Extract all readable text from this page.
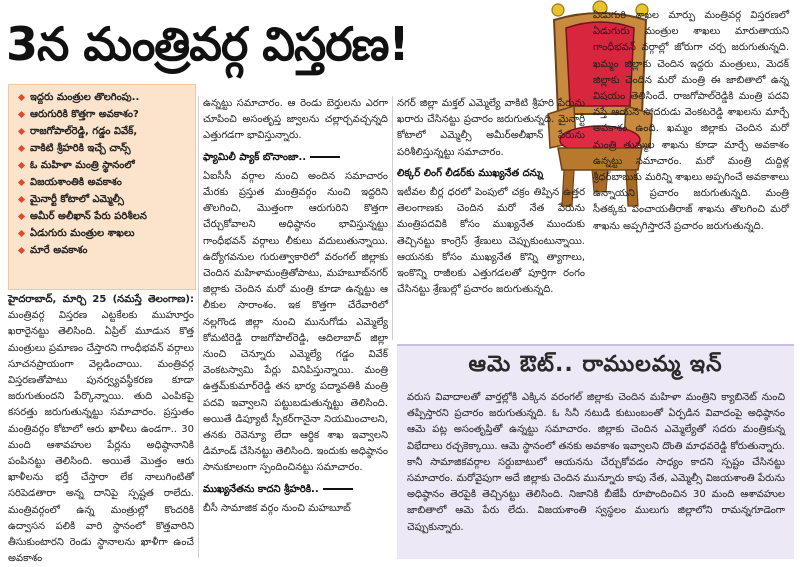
3న మంత్రివర్గ విస్తరణ!
ఇద్దరు మంత్రుల తొలగింపు..
ఆరుగురికి కొత్తగా అవకాశం?
రాజగోపాల్‌రెడ్డి, గడ్డం వివేక్,
వాకిటి శ్రీహరికి ఇచ్చే చాన్స్
ఓ మహిళా మంత్రి స్థానంలో
విజయశాంతికి అవకాశం
మైనార్టీ కోటాలో ఎమ్మెల్సీ
అమీర్ అలీఖాన్ పేరు పరిశీలన
ఏడుగురు మంత్రుల శాఖలు
మారే అవకాశం

హైదరాబాద్, మార్చి 25 (నమస్తే తెలంగాణ): మంత్రివర్గ విస్తరణ ఎట్టకేలకు ముహూర్తం ఖరారైనట్టు తెలిసింది. ఏప్రిల్ మూడున కొత్త మంత్రులు ప్రమాణం చేస్తారని గాంధీభవన్ వర్గాలు సూచనప్రాయంగా వెల్లడించాయి. మంత్రివర్గ విస్తరణతోపాటు పునర్వ్యవస్థీకరణ కూడా జరుగుతుందని పేర్కొన్నాయి. తుది ఎంపికపై కసరత్తు జరుగుతున్నట్టు సమాచారం. ప్రస్తుతం మంత్రివర్గం కోటాలో ఆరు ఖాళీలు ఉండగా.. 30 మంది ఆశావహుల పేర్లను అధిష్ఠానానికి పంపినట్టు తెలిసింది. అయితే మొత్తం ఆరు ఖాళీలను భర్తీ చేస్తారా లేక నాలుగింటితో సరిపెడతారా అన్న దానిపై స్పష్టత రాలేదు. మంత్రివర్గంలో ఉన్న మంత్రుల్లో కొందరికి ఉద్వాసన పలికి వారి స్థానంలో కొత్తవారిని తీసుకుంటారని రెండు స్థానాలను ఖాళీగా ఉంచే అవకాశం

ఉన్నట్టు సమాచారం. ఆ రెండు బెర్తులను ఎరగా చూపించి అసంతృప్త జ్వాలను చల్లార్చవచ్చన్నది ఎత్తుగడగా భావిస్తున్నారు.

ఫ్యామిలీ ప్యాక్ బొనాంజా..

ఏఐసీసీ వర్గాల నుంచి అందిన సమాచారం మేరకు ప్రస్తుత మంత్రివర్గం నుంచి ఇద్దరిని తొలగించి, మొత్తంగా ఆరుగురిని కొత్తగా చేర్చుకోవాలని అధిష్ఠానం భావిస్తున్నట్టు గాంధీభవన్ వర్గాలు లీకులు వదులుతున్నాయి. ఉద్యోగవనుల గురుత్వాకారిలో వరంగల్ జిల్లాకు చెందిన మహిళామంత్రితోపాటు, మహబూబ్‌నగర్ జిల్లాకు చెందిన మరో మంత్రి కూడా ఉన్నట్టు ఆ లీకుల సారాంశం. ఇక కొత్తగా చేరేవారిలో నల్లగొండ జిల్లా నుంచి మునుగోడు ఎమ్మెల్యే కోమటిరెడ్డి రాజగోపాల్‌రెడ్డి, ఆదిలాబాద్ జిల్లా నుంచి చెన్నూరు ఎమ్మెల్యే గడ్డం వివేక్ వెంకటస్వామి పేర్లు వినిపిస్తున్నాయి. మంత్రి ఉత్తమ్‌కుమార్‌రెడ్డి తన భార్య పద్మావతికి మంత్రి పదవి ఇవ్వాలని పట్టుబడుతున్నట్టు తెలిసింది. అయితే డిప్యూటీ స్పీకర్‌గానైనా నియమించాలని, తనకు రెవెన్యూ లేదా ఆర్థిక శాఖ ఇవ్వాలని డిమాండ్ చేసినట్టు తెలిసింది. ఇందుకు అధిష్ఠానం సానుకూలంగా స్పందించినట్టు సమాచారం.

ముఖ్యనేతను కాదని శ్రీహరికి..

బీసీ సామాజిక వర్గం నుంచి మహబూబ్

నగర్ జిల్లా మక్తల్ ఎమ్మెల్యే వాకిటి శ్రీహరి పేరును ఖరారు చేసినట్టు ప్రచారం జరుగుతున్నది. మైనార్టీ కోటాలో ఎమ్మెల్సీ అమీర్‌అలీఖాన్ పేరును పరిశీలిస్తున్నట్టు సమాచారం.

లిక్కర్ లింగ్ లీడర్‌కు ముఖ్యనేత దన్ను

ఇటీవల బీర్ల ధరలో పెంపులో చక్రం తిప్పిన ఉత్తర తెలంగాణకు చెందిన మరో నేత పేరును మంత్రిపదవికి కోసం ముఖ్యనేత ముందుకు తెచ్చినట్టు కాంగ్రెస్ శ్రేణులు చెప్పుకుంటున్నాయి. ఆయనకు కోసం ముఖ్యనేత కొన్ని త్యాగాలు, ఇంకొన్ని రాజీలకు ఎత్తుగడలతో పూర్తిగా రంగం చేసినట్టు శ్రేణుల్లో ప్రచారం జరుగుతున్నది.

ఏడుగురి శాఖల మార్పు మంత్రివర్గ విస్తరణలో ఏడుగురు మంత్రుల శాఖలు మారుతాయని గాంధీభవన్ వర్గాల్లో జోరుగా చర్చ జరుగుతున్నది. ఖమ్మం జిల్లాకు చెందిన ఇద్దరు మంత్రులు, మెదక్ జిల్లాకు చెందిన మరో మంత్రి ఈ జాబితాలో ఉన్న విషయం తెలిసిందే. రాజగోపాల్‌రెడ్డికి మంత్రి పదవి వస్తే ఆయన సోదరుడు వెంకటరెడ్డి శాఖలను మార్చే అవకాశం ఉంది. ఖమ్మం జిల్లాకు చెందిన మరో మంత్రి తుమ్మల శాఖను కూడా మార్చే అవకాశం ఉన్నట్టు సమాచారం. మరో మంత్రి దుద్దిళ్ల శ్రీధర్‌బాబుకు మరిన్ని శాఖలు అప్పగించే అవకాశాలు ఉన్నాయని ప్రచారం జరుగుతున్నది. మంత్రి సీతక్కకు పంచాయతీరాజ్ శాఖను తొలగించి మరో శాఖను అప్పగిస్తారనే ప్రచారం జరుగుతున్నది.

ఆమె ఔట్.. రాములమ్మ ఇన్
వరుస వివాదాలతో వార్తల్లోకి ఎక్కిన వరంగల్ జిల్లాకు చెందిన మహిళా మంత్రిని క్యాబినెట్ నుంచి తప్పిస్తారని ప్రచారం జరుగుతున్నది. ఓ సినీ నటుడి కుటుంబంతో ఏర్పడిన వివాదంపై అధిష్ఠానం ఆమె పట్ల అసంతృప్తితో ఉన్నట్టు సమాచారం. జిల్లాకు చెందిన ఎమ్మెల్యేతో సదరు మంత్రికున్న విభేదాలు రచ్చకెక్కాయి. ఆమె స్థానంలో తనకు అవకాశం ఇవ్వాలని దొంతి మాధవరెడ్డి కోరుతున్నారు. కానీ సామాజికవర్గాల సర్దుబాటులో ఆయనను చేర్చుకోవడం సాధ్యం కాదని స్పష్టం చేసినట్టు సమాచారం. మరోవైపుగా అదే జిల్లాకు చెందిన మున్నూరు కాపు నేత, ఎమ్మెల్సీ విజయశాంతి పేరును అధిష్ఠానం తెరపైకి తెచ్చినట్టు తెలిసింది. నిజానికి బీజేపీ రూపొందించిన 30 మంది ఆశావహుల జాబితాలో ఆమె పేరు లేదు. విజయశాంతి స్వస్థలం ములుగు జిల్లాలోని రామన్నగూడెంగా చెప్పుకున్నారు.
